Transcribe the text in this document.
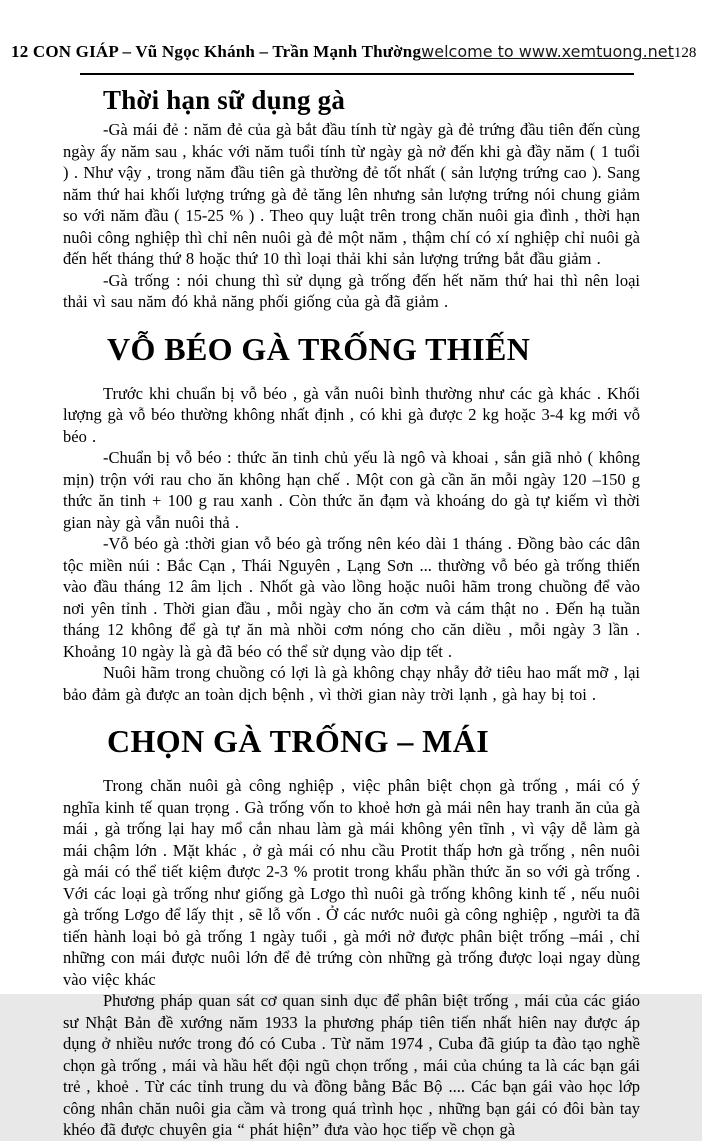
12 CON GIÁP – Vũ Ngọc Khánh – Trần Mạnh Thường welcome to www.xemtuong.net 128
Thời hạn sữ dụng gà

-Gà mái đẻ : năm đẻ của gà bắt đầu tính từ ngày gà đẻ trứng đầu tiên đến cùng ngày ấy năm sau , khác với năm tuổi tính từ ngày gà nở đến khi gà đầy năm ( 1 tuổi ) . Như vậy , trong năm đầu tiên gà thường đẻ tốt nhất ( sản lượng trứng cao ). Sang năm thứ hai khối lượng trứng gà đẻ tăng lên nhưng sản lượng trứng nói chung giảm so với năm đầu ( 15-25 % ) . Theo quy luật trên trong chăn nuôi gia đình , thời hạn nuôi công nghiệp thì chỉ nên nuôi gà đẻ một năm , thậm chí có xí nghiệp chỉ nuôi gà đến hết tháng thứ 8 hoặc thứ 10 thì loại thải khi sản lượng trứng bắt đầu giảm .

-Gà trống : nói chung thì sử dụng gà trống đến hết năm thứ hai thì nên loại thải vì sau năm đó khả năng phối giống của gà đã giảm .

VỖ BÉO GÀ TRỐNG THIẾN

Trước khi chuẩn bị vỗ béo , gà vẫn nuôi bình thường như các gà khác . Khối lượng gà vỗ béo thường không nhất định , có khi gà được 2 kg hoặc 3-4 kg mới vỗ béo .

-Chuẩn bị vỗ béo : thức ăn tinh chủ yếu là ngô và khoai , sắn giã nhỏ ( không mịn) trộn với rau cho ăn không hạn chế . Một con gà cần ăn mỗi ngày 120 –150 g thức ăn tinh + 100 g rau xanh . Còn thức ăn đạm và khoáng do gà tự kiếm vì thời gian này gà vẫn nuôi thả .

-Vỗ béo gà :thời gian vỗ béo gà trống nên kéo dài 1 tháng . Đồng bào các dân tộc miền núi : Bắc Cạn , Thái Nguyên , Lạng Sơn ... thường vỗ béo gà trống thiến vào đầu tháng 12 âm lịch . Nhốt gà vào lồng hoặc nuôi hãm trong chuồng để vào nơi yên tỉnh . Thời gian đầu , mỗi ngày cho ăn cơm và cám thật no . Đến hạ tuần tháng 12 không để gà tự ăn mà nhồi cơm nóng cho căn diều , mỗi ngày 3 lần . Khoảng 10 ngày là gà đã béo có thể sử dụng vào dịp tết .

Nuôi hãm trong chuồng có lợi là gà không chạy nhẫy đở tiêu hao mất mỡ , lại bảo đảm gà được an toàn dịch bệnh , vì thời gian này trời lạnh , gà hay bị toi .

CHỌN GÀ TRỐNG – MÁI

Trong chăn nuôi gà công nghiệp , việc phân biệt chọn gà trống , mái có ý nghĩa kinh tế quan trọng . Gà trống vốn to khoẻ hơn gà mái nên hay tranh ăn của gà mái , gà trống lại hay mổ cắn nhau làm gà mái không yên tĩnh , vì vậy dễ làm gà mái chậm lớn . Mặt khác , ở gà mái có nhu cầu Protit thấp hơn gà trống , nên nuôi gà mái có thể tiết kiệm được 2-3 % protit trong khẩu phần thức ăn so với gà trống . Với các loại gà trống như giống gà Lơgo thì nuôi gà trống không kinh tế , nếu nuôi gà trống Lơgo để lấy thịt , sẽ lỗ vốn . Ở các nước nuôi gà công nghiệp , người ta đã tiến hành loại bỏ gà trống 1 ngày tuổi , gà mới nở được phân biệt trống –mái , chỉ những con mái được nuôi lớn để đẻ trứng còn những gà trống được loại ngay dùng vào việc khác

Phương pháp quan sát cơ quan sinh dục để phân biệt trống , mái của các giáo sư Nhật Bản đề xướng năm 1933 la phương pháp tiên tiến nhất hiên nay được áp dụng ở nhiều nước trong đó có Cuba . Từ năm 1974 , Cuba đã giúp ta đào tạo nghề chọn gà trống , mái và hầu hết đội ngũ chọn trống , mái của chúng ta là các bạn gái trẻ , khoẻ . Từ các tỉnh trung du và đồng bằng Bắc Bộ .... Các bạn gái vào học lớp công nhân chăn nuôi gia cầm và trong quá trình học , những bạn gái có đôi bàn tay khéo đã được chuyên gia “ phát hiện” đưa vào học tiếp về chọn gà
